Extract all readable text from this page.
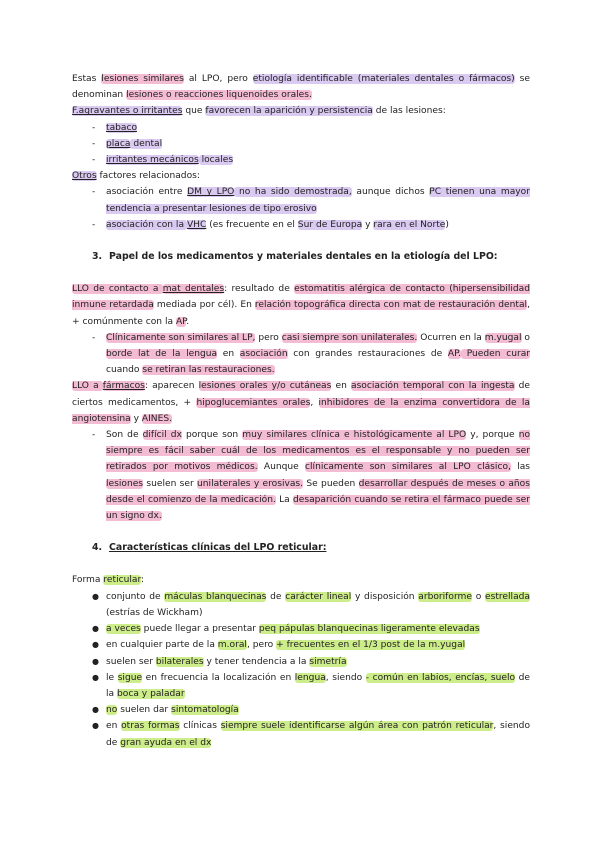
Estas lesiones similares al LPO, pero etiología identificable (materiales dentales o fármacos) se denominan lesiones o reacciones liquenoides orales.

F.agravantes o irritantes que favorecen la aparición y persistencia de las lesiones:

- tabaco
- placa dental
- irritantes mecánicos locales

Otros factores relacionados:

- asociación entre DM y LPO no ha sido demostrada, aunque dichos PC tienen una mayor tendencia a presentar lesiones de tipo erosivo

- asociación con la VHC (es frecuente en el Sur de Europa y rara en el Norte)
3. Papel de los medicamentos y materiales dentales en la etiología del LPO:

LLO de contacto a mat dentales: resultado de estomatitis alérgica de contacto (hipersensibilidad inmune retardada mediada por cél). En relación topográfica directa con mat de restauración dental, + comúnmente con la AP.

- Clínicamente son similares al LP, pero casi siempre son unilaterales. Ocurren en la m.yugal o borde lat de la lengua en asociación con grandes restauraciones de AP. Pueden curar cuando se retiran las restauraciones.

LLO a fármacos: aparecen lesiones orales y/o cutáneas en asociación temporal con la ingesta de ciertos medicamentos, + hipoglucemiantes orales, inhibidores de la enzima convertidora de la angiotensina y AINES.

- Son de difícil dx porque son muy similares clínica e histológicamente al LPO y, porque no siempre es fácil saber cuál de los medicamentos es el responsable y no pueden ser retirados por motivos médicos. Aunque clínicamente son similares al LPO clásico, las lesiones suelen ser unilaterales y erosivas. Se pueden desarrollar después de meses o años desde el comienzo de la medicación. La desaparición cuando se retira el fármaco puede ser un signo dx.

4. Características clínicas del LPO reticular:

Forma reticular:

● conjunto de máculas blanquecinas de carácter lineal y disposición arboriforme o estrellada (estrías de Wickham)

● a veces puede llegar a presentar peq pápulas blanquecinas ligeramente elevadas

● en cualquier parte de la m.oral, pero + frecuentes en el 1/3 post de la m.yugal

● suelen ser bilaterales y tener tendencia a la simetría

● le sigue en frecuencia la localización en lengua, siendo - común en labios, encías, suelo de la boca y paladar

● no suelen dar sintomatología

● en otras formas clínicas siempre suele identificarse algún área con patrón reticular, siendo de gran ayuda en el dx
